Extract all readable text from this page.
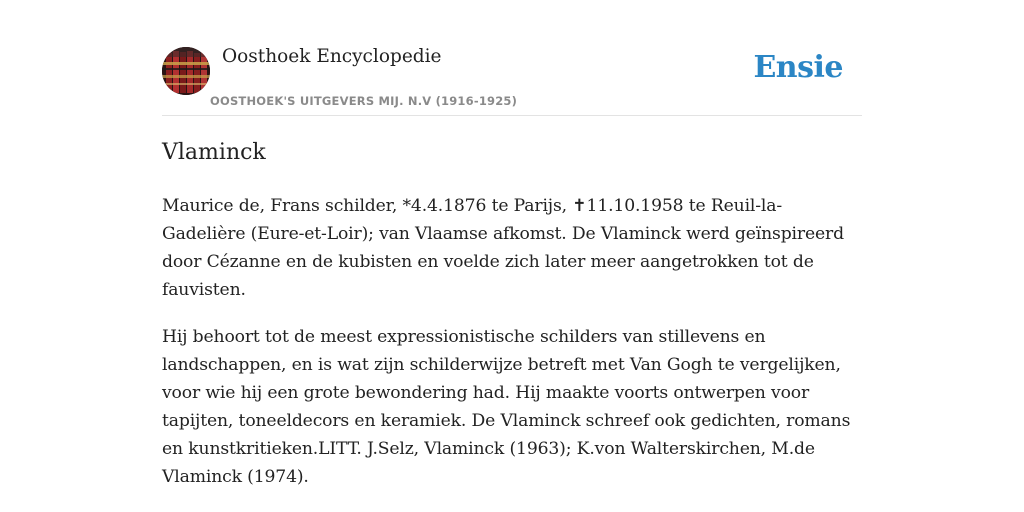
Oosthoek Encyclopedie
OOSTHOEK'S UITGEVERS MIJ. N.V (1916-1925)
Ensie
Vlaminck

Maurice de, Frans schilder, *4.4.1876 te Parijs, ✝11.10.1958 te Reuil-la-Gadelière (Eure-et-Loir); van Vlaamse afkomst. De Vlaminck werd geïnspireerd door Cézanne en de kubisten en voelde zich later meer aangetrokken tot de fauvisten.

Hij behoort tot de meest expressionistische schilders van stillevens en landschappen, en is wat zijn schilderwijze betreft met Van Gogh te vergelijken, voor wie hij een grote bewondering had. Hij maakte voorts ontwerpen voor tapijten, toneeldecors en keramiek. De Vlaminck schreef ook gedichten, romans en kunstkritieken.LITT. J.Selz, Vlaminck (1963); K.von Walterskirchen, M.de Vlaminck (1974).
